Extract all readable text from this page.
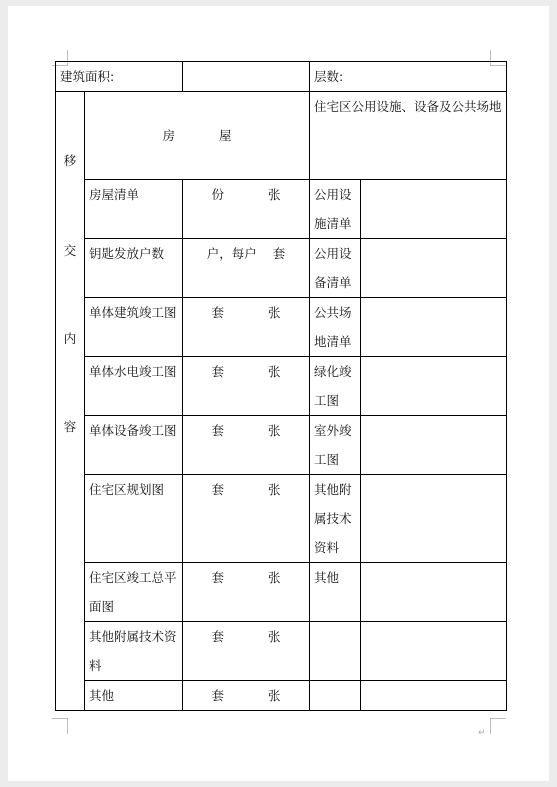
建筑面积:			层数:	

移
交
内
容	房 屋		住宅区公用设施、设备及公共场地	
	房屋清单	份 张	公用设施清单	
	钥匙发放户数	户，每户 套	公用设备清单	
	单体建筑竣工图	套 张	公共场地清单	
	单体水电竣工图	套 张	绿化竣工图	
	单体设备竣工图	套 张	室外竣工图	
	住宅区规划图	套 张	其他附属技术资料	
	住宅区竣工总平面图	套 张	其他	
	其他附属技术资料	套 张		
	其他	套 张		
↵
